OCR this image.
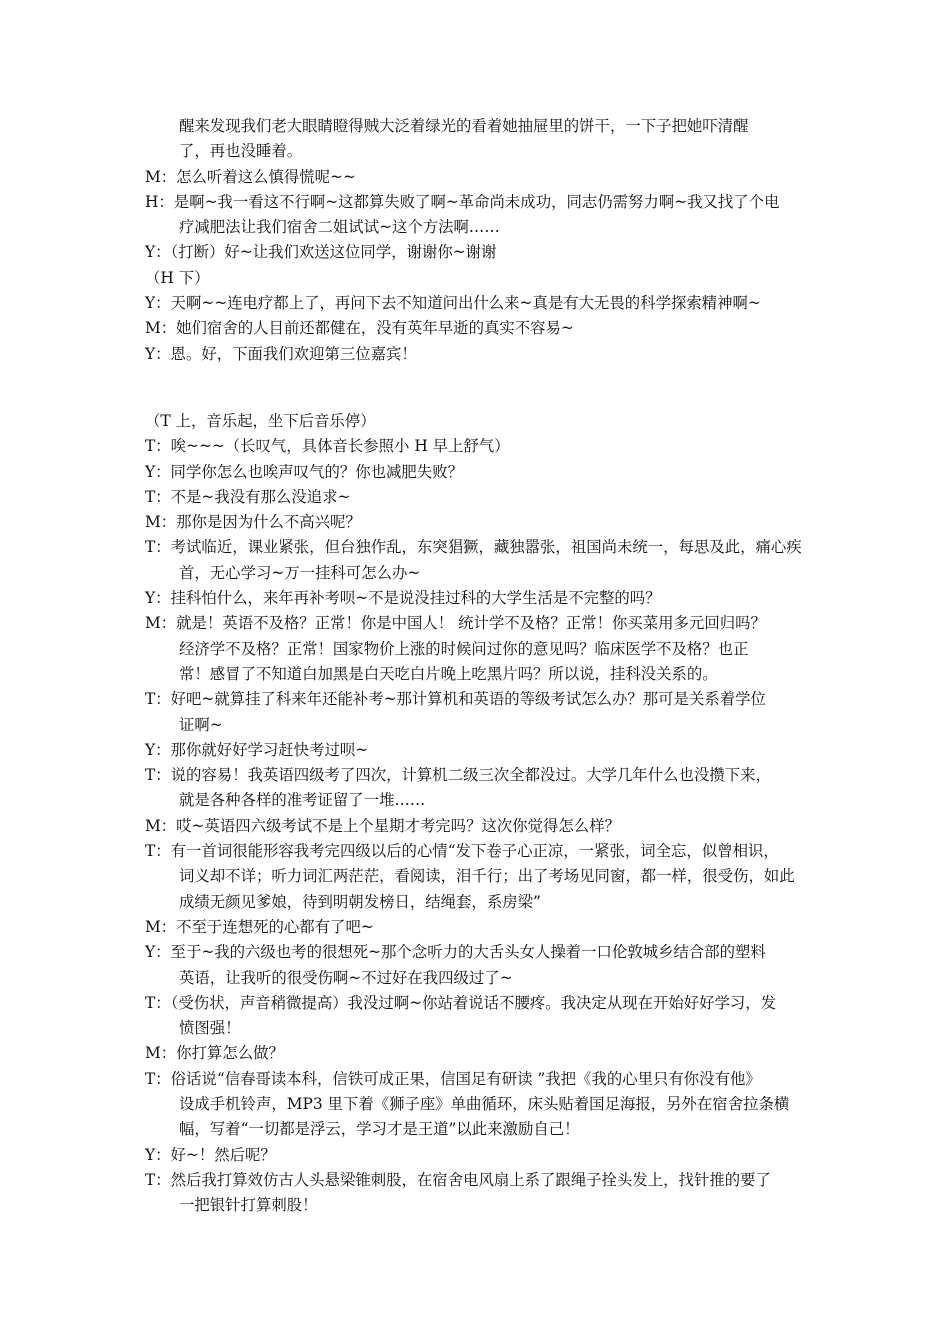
醒来发现我们老大眼睛瞪得贼大泛着绿光的看着她抽屉里的饼干，一下子把她吓清醒
了，再也没睡着。
M：怎么听着这么慎得慌呢~~
H：是啊~我一看这不行啊~这都算失败了啊~革命尚未成功，同志仍需努力啊~我又找了个电
疗减肥法让我们宿舍二姐试试~这个方法啊……
Y：（打断）好~让我们欢送这位同学，谢谢你~谢谢
（H 下）
Y：天啊~~连电疗都上了，再问下去不知道问出什么来~真是有大无畏的科学探索精神啊~
M：她们宿舍的人目前还都健在，没有英年早逝的真实不容易~
Y：恩。好，下面我们欢迎第三位嘉宾！
（T 上，音乐起，坐下后音乐停）
T：唉~~~（长叹气，具体音长参照小 H 早上舒气）
Y：同学你怎么也唉声叹气的？你也减肥失败？
T：不是~我没有那么没追求~
M：那你是因为什么不高兴呢？
T：考试临近，课业紧张，但台独作乱，东突猖獗，藏独嚣张，祖国尚未统一，每思及此，痛心疾
首，无心学习~万一挂科可怎么办~
Y：挂科怕什么，来年再补考呗~不是说没挂过科的大学生活是不完整的吗？
M：就是！英语不及格？正常！你是中国人！ 统计学不及格？正常！你买菜用多元回归吗？
经济学不及格？正常！国家物价上涨的时候问过你的意见吗？临床医学不及格？也正
常！感冒了不知道白加黑是白天吃白片晚上吃黑片吗？所以说，挂科没关系的。
T：好吧~就算挂了科来年还能补考~那计算机和英语的等级考试怎么办？那可是关系着学位
证啊~
Y：那你就好好学习赶快考过呗~
T：说的容易！我英语四级考了四次，计算机二级三次全都没过。大学几年什么也没攒下来，
就是各种各样的准考证留了一堆……
M：哎~英语四六级考试不是上个星期才考完吗？这次你觉得怎么样？
T：有一首词很能形容我考完四级以后的心情“发下卷子心正凉，一紧张，词全忘，似曾相识，
词义却不详；听力词汇两茫茫，看阅读，泪千行；出了考场见同窗，都一样，很受伤，如此
成绩无颜见爹娘，待到明朝发榜日，结绳套，系房梁”
M：不至于连想死的心都有了吧~
Y：至于~我的六级也考的很想死~那个念听力的大舌头女人操着一口伦敦城乡结合部的塑料
英语，让我听的很受伤啊~不过好在我四级过了~
T：（受伤状，声音稍微提高）我没过啊~你站着说话不腰疼。我决定从现在开始好好学习，发
愤图强！
M：你打算怎么做？
T：俗话说“信春哥读本科，信铁可成正果，信国足有研读 ”我把《我的心里只有你没有他》
设成手机铃声，MP3 里下着《狮子座》单曲循环，床头贴着国足海报，另外在宿舍拉条横
幅，写着“一切都是浮云，学习才是王道”以此来激励自己！
Y：好~！然后呢？
T：然后我打算效仿古人头悬梁锥刺股，在宿舍电风扇上系了跟绳子拴头发上，找针推的要了
一把银针打算刺股！
